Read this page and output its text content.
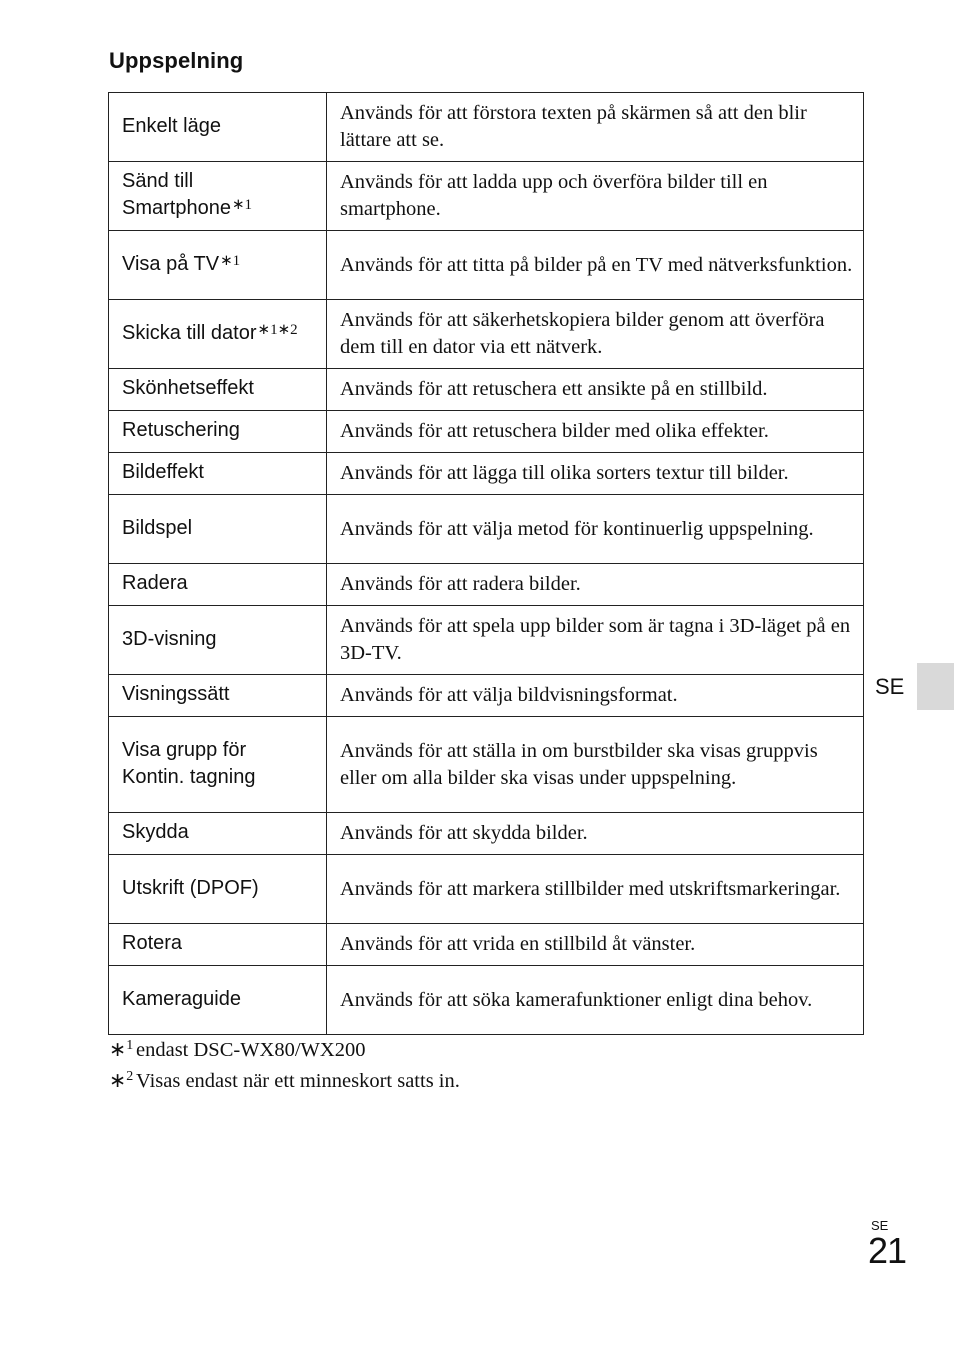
Uppspelning
Enkelt läge	Används för att förstora texten på skärmen så att den blir lättare att se.
Sänd till
Smartphone$^{∗1}$	Används för att ladda upp och överföra bilder till en smartphone.
Visa på $TV^{∗1}$	Används för att titta på bilder på en TV med nätverksfunktion.
Skicka till dator$^{∗1∗2}$	Används för att säkerhetskopiera bilder genom att överföra dem till en dator via ett nätverk.
Skönhetseffekt	Används för att retuschera ett ansikte på en stillbild.
Retuschering	Används för att retuschera bilder med olika effekter.
Bildeffekt	Används för att lägga till olika sorters textur till bilder.
Bildspel	Används för att välja metod för kontinuerlig uppspelning.
Radera	Används för att radera bilder.
3D-visning	Används för att spela upp bilder som är tagna i 3D-läget på en 3D-TV.
Visningssätt	Används för att välja bildvisningsformat.
Visa grupp för
Kontin. tagning	Används för att ställa in om burstbilder ska visas gruppvis eller om alla bilder ska visas under uppspelning.
Skydda	Används för att skydda bilder.
Utskrift (DPOF)	Används för att markera stillbilder med utskriftsmarkeringar.
Rotera	Används för att vrida en stillbild åt vänster.
Kameraguide	Används för att söka kamerafunktioner enligt dina behov.
∗$^1$ endast DSC-WX80/WX200
∗$^2$ Visas endast när ett minneskort satts in.
SE
SE
21
